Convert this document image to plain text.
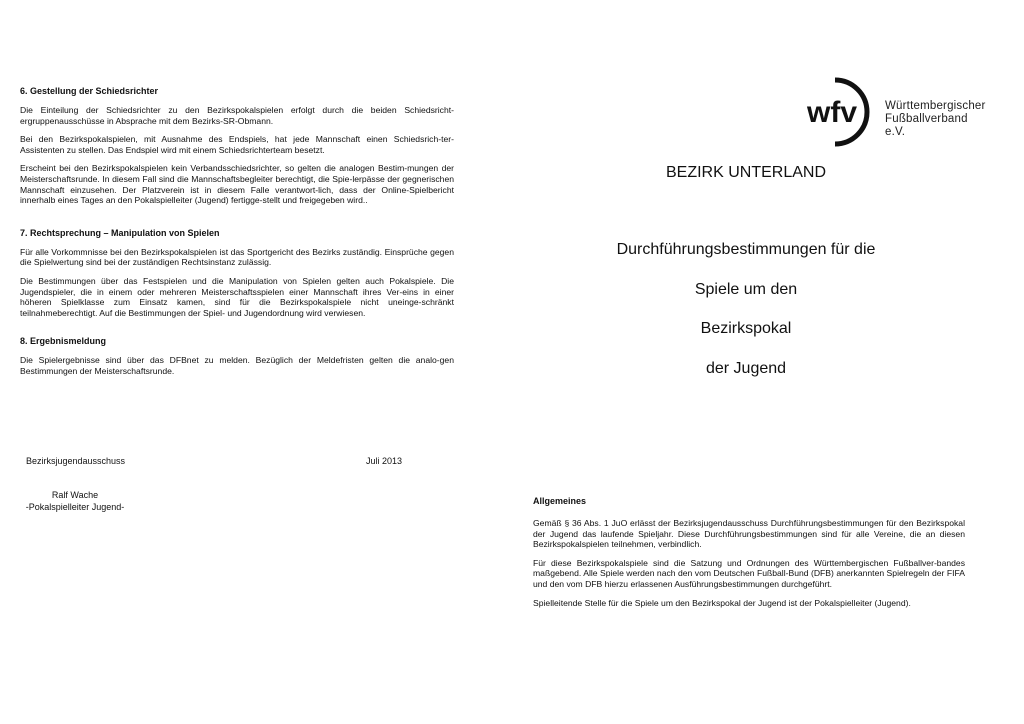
6. Gestellung der Schiedsrichter

Die Einteilung der Schiedsrichter zu den Bezirkspokalspielen erfolgt durch die beiden Schiedsricht-ergruppenausschüsse in Absprache mit dem Bezirks-SR-Obmann.

Bei den Bezirkspokalspielen, mit Ausnahme des Endspiels, hat jede Mannschaft einen Schiedsrich-ter-Assistenten zu stellen. Das Endspiel wird mit einem Schiedsrichterteam besetzt.

Erscheint bei den Bezirkspokalspielen kein Verbandsschiedsrichter, so gelten die analogen Bestim-mungen der Meisterschaftsrunde. In diesem Fall sind die Mannschaftsbegleiter berechtigt, die Spie-lerpässe der gegnerischen Mannschaft einzusehen. Der Platzverein ist in diesem Falle verantwort-lich, dass der Online-Spielbericht innerhalb eines Tages an den Pokalspielleiter (Jugend) fertigge-stellt und freigegeben wird..

7. Rechtsprechung – Manipulation von Spielen

Für alle Vorkommnisse bei den Bezirkspokalspielen ist das Sportgericht des Bezirks zuständig. Einsprüche gegen die Spielwertung sind bei der zuständigen Rechtsinstanz zulässig.

Die Bestimmungen über das Festspielen und die Manipulation von Spielen gelten auch Pokalspiele. Die Jugendspieler, die in einem oder mehreren Meisterschaftsspielen einer Mannschaft ihres Ver-eins in einer höheren Spielklasse zum Einsatz kamen, sind für die Bezirkspokalspiele nicht uneinge-schränkt teilnahmeberechtigt. Auf die Bestimmungen der Spiel- und Jugendordnung wird verwiesen.

8. Ergebnismeldung

Die Spielergebnisse sind über das DFBnet zu melden. Bezüglich der Meldefristen gelten die analo-gen Bestimmungen der Meisterschaftsrunde.

Bezirksjugendausschuss	Juli 2013
Ralf Wache
-Pokalspielleiter Jugend-
wfv Württembergischer
Fußballverband e.V.
BEZIRK UNTERLAND
Durchführungsbestimmungen für die
Spiele um den
Bezirkspokal
der Jugend
Allgemeines

Gemäß § 36 Abs. 1 JuO erlässt der Bezirksjugendausschuss Durchführungsbestimmungen für den Bezirkspokal der Jugend das laufende Spieljahr. Diese Durchführungsbestimmungen sind für alle Vereine, die an diesen Bezirkspokalspielen teilnehmen, verbindlich.

Für diese Bezirkspokalspiele sind die Satzung und Ordnungen des Württembergischen Fußballver-bandes maßgebend. Alle Spiele werden nach den vom Deutschen Fußball-Bund (DFB) anerkannten Spielregeln der FIFA und den vom DFB hierzu erlassenen Ausführungsbestimmungen durchgeführt.

Spielleitende Stelle für die Spiele um den Bezirkspokal der Jugend ist der Pokalspielleiter (Jugend).
